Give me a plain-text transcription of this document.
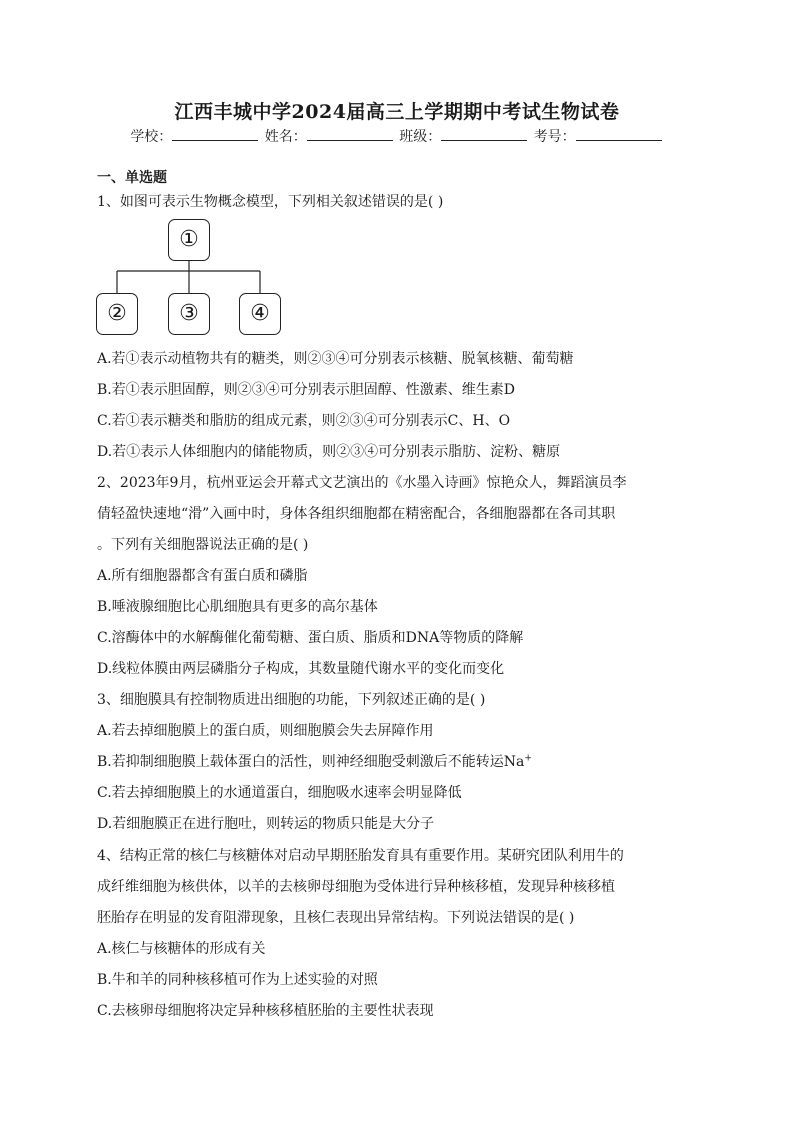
江西丰城中学2024届高三上学期期中考试生物试卷
学校：	姓名：	班级：	考号：
一、单选题
1、如图可表示生物概念模型，下列相关叙述错误的是( )
①
②	③	④
A.若①表示动植物共有的糖类，则②③④可分别表示核糖、脱氧核糖、葡萄糖
B.若①表示胆固醇，则②③④可分别表示胆固醇、性激素、维生素D
C.若①表示糖类和脂肪的组成元素，则②③④可分别表示C、H、O
D.若①表示人体细胞内的储能物质，则②③④可分别表示脂肪、淀粉、糖原
2、2023年9月，杭州亚运会开幕式文艺演出的《水墨入诗画》惊艳众人，舞蹈演员李
倩轻盈快速地“滑”入画中时，身体各组织细胞都在精密配合，各细胞器都在各司其职
。下列有关细胞器说法正确的是( )
A.所有细胞器都含有蛋白质和磷脂
B.唾液腺细胞比心肌细胞具有更多的高尔基体
C.溶酶体中的水解酶催化葡萄糖、蛋白质、脂质和DNA等物质的降解
D.线粒体膜由两层磷脂分子构成，其数量随代谢水平的变化而变化
3、细胞膜具有控制物质进出细胞的功能，下列叙述正确的是( )
A.若去掉细胞膜上的蛋白质，则细胞膜会失去屏障作用
B.若抑制细胞膜上载体蛋白的活性，则神经细胞受刺激后不能转运Na+
C.若去掉细胞膜上的水通道蛋白，细胞吸水速率会明显降低
D.若细胞膜正在进行胞吐，则转运的物质只能是大分子
4、结构正常的核仁与核糖体对启动早期胚胎发育具有重要作用。某研究团队利用牛的
成纤维细胞为核供体，以羊的去核卵母细胞为受体进行异种核移植，发现异种核移植
胚胎存在明显的发育阻滞现象，且核仁表现出异常结构。下列说法错误的是( )
A.核仁与核糖体的形成有关
B.牛和羊的同种核移植可作为上述实验的对照
C.去核卵母细胞将决定异种核移植胚胎的主要性状表现
